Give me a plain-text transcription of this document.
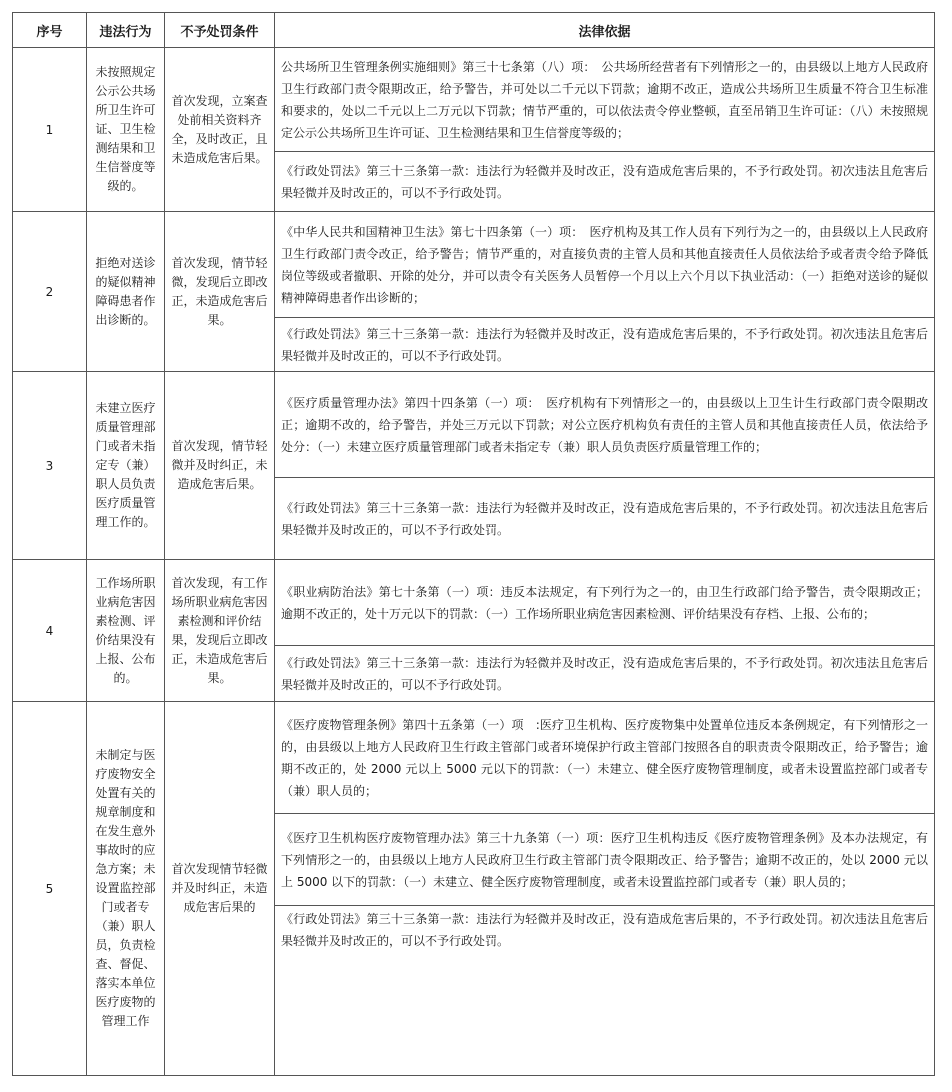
序号	违法行为	不予处罚条件	法律依据
1	未按照规定公示公共场所卫生许可证、卫生检测结果和卫生信誉度等级的。	首次发现，立案查处前相关资料齐全，及时改正，且未造成危害后果。	公共场所卫生管理条例实施细则》第三十七条第（八）项：　公共场所经营者有下列情形之一的，由县级以上地方人民政府卫生行政部门责令限期改正，给予警告，并可处以二千元以下罚款；逾期不改正，造成公共场所卫生质量不符合卫生标准和要求的，处以二千元以上二万元以下罚款；情节严重的，可以依法责令停业整顿，直至吊销卫生许可证：（八）未按照规定公示公共场所卫生许可证、卫生检测结果和卫生信誉度等级的；
			《行政处罚法》第三十三条第一款：违法行为轻微并及时改正，没有造成危害后果的，不予行政处罚。初次违法且危害后果轻微并及时改正的，可以不予行政处罚。
2	拒绝对送诊的疑似精神障碍患者作出诊断的。	首次发现，情节轻微，发现后立即改正，未造成危害后果。	《中华人民共和国精神卫生法》第七十四条第（一）项：　医疗机构及其工作人员有下列行为之一的，由县级以上人民政府卫生行政部门责令改正，给予警告；情节严重的，对直接负责的主管人员和其他直接责任人员依法给予或者责令给予降低岗位等级或者撤职、开除的处分，并可以责令有关医务人员暂停一个月以上六个月以下执业活动：（一）拒绝对送诊的疑似精神障碍患者作出诊断的；
			《行政处罚法》第三十三条第一款：违法行为轻微并及时改正，没有造成危害后果的，不予行政处罚。初次违法且危害后果轻微并及时改正的，可以不予行政处罚。
3	未建立医疗质量管理部门或者未指定专（兼）职人员负责医疗质量管理工作的。	首次发现，情节轻微并及时纠正，未造成危害后果。	《医疗质量管理办法》第四十四条第（一）项：　医疗机构有下列情形之一的，由县级以上卫生计生行政部门责令限期改正；逾期不改的，给予警告，并处三万元以下罚款；对公立医疗机构负有责任的主管人员和其他直接责任人员，依法给予处分：（一）未建立医疗质量管理部门或者未指定专（兼）职人员负责医疗质量管理工作的；
			《行政处罚法》第三十三条第一款：违法行为轻微并及时改正，没有造成危害后果的，不予行政处罚。初次违法且危害后果轻微并及时改正的，可以不予行政处罚。
4	工作场所职业病危害因素检测、评价结果没有上报、公布的。	首次发现，有工作场所职业病危害因素检测和评价结果，发现后立即改正，未造成危害后果。	《职业病防治法》第七十条第（一）项：违反本法规定，有下列行为之一的，由卫生行政部门给予警告，责令限期改正；逾期不改正的，处十万元以下的罚款：（一）工作场所职业病危害因素检测、评价结果没有存档、上报、公布的；
			《行政处罚法》第三十三条第一款：违法行为轻微并及时改正，没有造成危害后果的，不予行政处罚。初次违法且危害后果轻微并及时改正的，可以不予行政处罚。
5	未制定与医疗废物安全处置有关的规章制度和在发生意外事故时的应急方案；未设置监控部门或者专（兼）职人员，负责检查、督促、落实本单位医疗废物的管理工作	首次发现情节轻微并及时纠正，未造成危害后果的	《医疗废物管理条例》第四十五条第（一）项　:医疗卫生机构、医疗废物集中处置单位违反本条例规定，有下列情形之一的，由县级以上地方人民政府卫生行政主管部门或者环境保护行政主管部门按照各自的职责责令限期改正，给予警告；逾期不改正的，处 2000 元以上 5000 元以下的罚款：（一）未建立、健全医疗废物管理制度，或者未设置监控部门或者专（兼）职人员的；
			《医疗卫生机构医疗废物管理办法》第三十九条第（一）项：医疗卫生机构违反《医疗废物管理条例》及本办法规定，有下列情形之一的，由县级以上地方人民政府卫生行政主管部门责令限期改正、给予警告；逾期不改正的，处以 2000 元以上 5000 以下的罚款：（一）未建立、健全医疗废物管理制度，或者未设置监控部门或者专（兼）职人员的；
			《行政处罚法》第三十三条第一款：违法行为轻微并及时改正，没有造成危害后果的，不予行政处罚。初次违法且危害后果轻微并及时改正的，可以不予行政处罚。
